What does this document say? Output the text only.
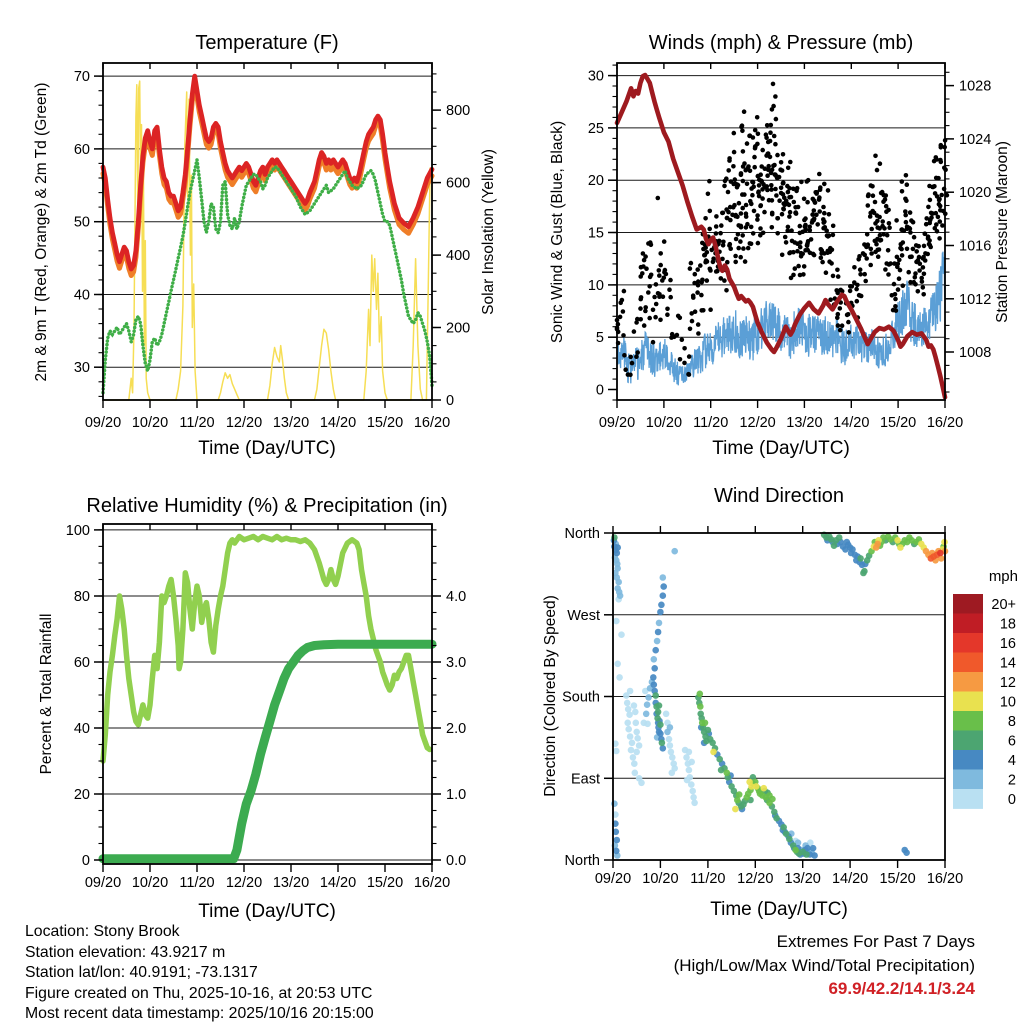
20+
18
16
14
12
10
8
6
4
2
0
09/20 10/20 11/20 12/20 13/20 14/20 15/20 16/20
30
40
50
60
70
0
200
400
600
800
09/20 10/20 11/20 12/20 13/20 14/20 15/20 16/20
0
5
10
15
20
25
30
1008
1012
1016
1020
1024
1028
09/20 10/20 11/20 12/20 13/20 14/20 15/20 16/20
0
20
40
60
80
100
0.0
1.0
2.0
3.0
4.0
09/20 10/20 11/20 12/20 13/20 14/20 15/20 16/20
North
West
South
East
North
Temperature (F)	Winds (mph) & Pressure (mb)
Relative Humidity (%) & Precipitation (in)	Wind Direction
2m & 9m T (Red, Orange) & 2m Td (Green)	Solar Insolation (Yellow)	Sonic Wind & Gust (Blue, Black)	Station Pressure (Maroon)
Percent & Total Rainfall	Direction (Colored By Speed)
Time (Day/UTC)	Time (Day/UTC)
Time (Day/UTC)	Time (Day/UTC)
mph
Location: Stony Brook
Station elevation: 43.9217 m
Station lat/lon: 40.9191; -73.1317
Figure created on Thu, 2025-10-16, at 20:53 UTC
Most recent data timestamp: 2025/10/16 20:15:00
Extremes For Past 7 Days
(High/Low/Max Wind/Total Precipitation)
69.9/42.2/14.1/3.24
